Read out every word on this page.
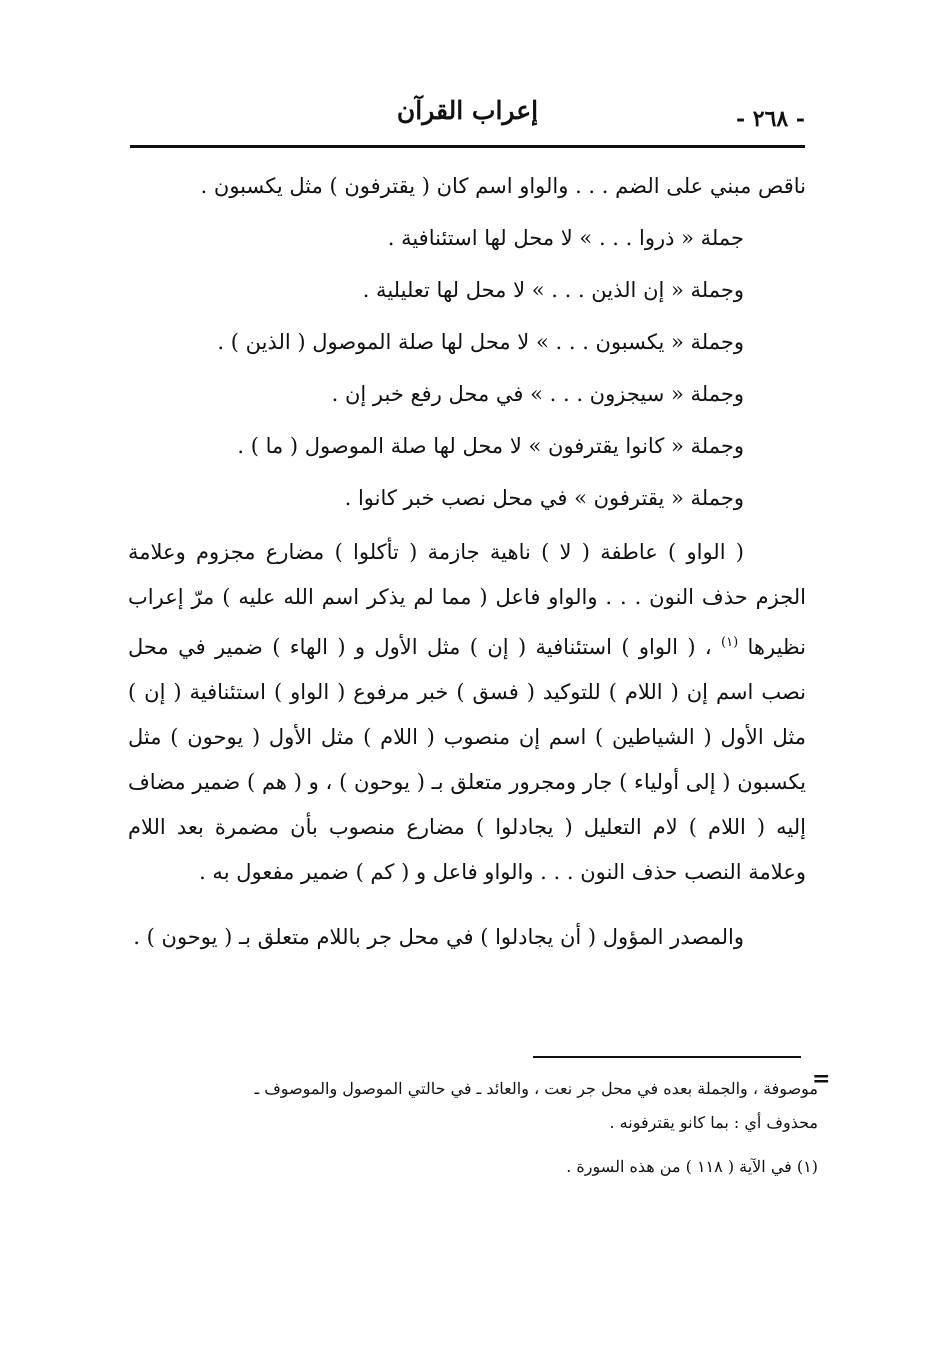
إعراب القرآن	- ٢٦٨ -
ناقص مبني على الضم . . . والواو اسم كان ( يقترفون ) مثل يكسبون .
جملة « ذروا . . . » لا محل لها استئنافية .
وجملة « إن الذين . . . » لا محل لها تعليلية .
وجملة « يكسبون . . . » لا محل لها صلة الموصول ( الذين ) .
وجملة « سيجزون . . . » في محل رفع خبر إن .
وجملة « كانوا يقترفون » لا محل لها صلة الموصول ( ما ) .
وجملة « يقترفون » في محل نصب خبر كانوا .

( الواو ) عاطفة ( لا ) ناهية جازمة ( تأكلوا ) مضارع مجزوم وعلامة الجزم حذف النون . . . والواو فاعل ( مما لم يذكر اسم الله عليه ) مرّ إعراب نظيرها $^{(١)}$ ، ( الواو ) استئنافية ( إن ) مثل الأول و ( الهاء ) ضمير في محل نصب اسم إن ( اللام ) للتوكيد ( فسق ) خبر مرفوع ( الواو ) استئنافية ( إن ) مثل الأول ( الشياطين ) اسم إن منصوب ( اللام ) مثل الأول ( يوحون ) مثل يكسبون ( إلى أولياء ) جار ومجرور متعلق بـ ( يوحون ) ، و ( هم ) ضمير مضاف إليه ( اللام ) لام التعليل ( يجادلوا ) مضارع منصوب بأن مضمرة بعد اللام وعلامة النصب حذف النون . . . والواو فاعل و ( كم ) ضمير مفعول به .

والمصدر المؤول ( أن يجادلوا ) في محل جر باللام متعلق بـ ( يوحون ) .

=
موصوفة ، والجملة بعده في محل جر نعت ، والعائد ـ في حالتي الموصول والموصوف ـ
محذوف أي : بما كانو يقترفونه .
(١) في الآية ( ١١٨ ) من هذه السورة .
